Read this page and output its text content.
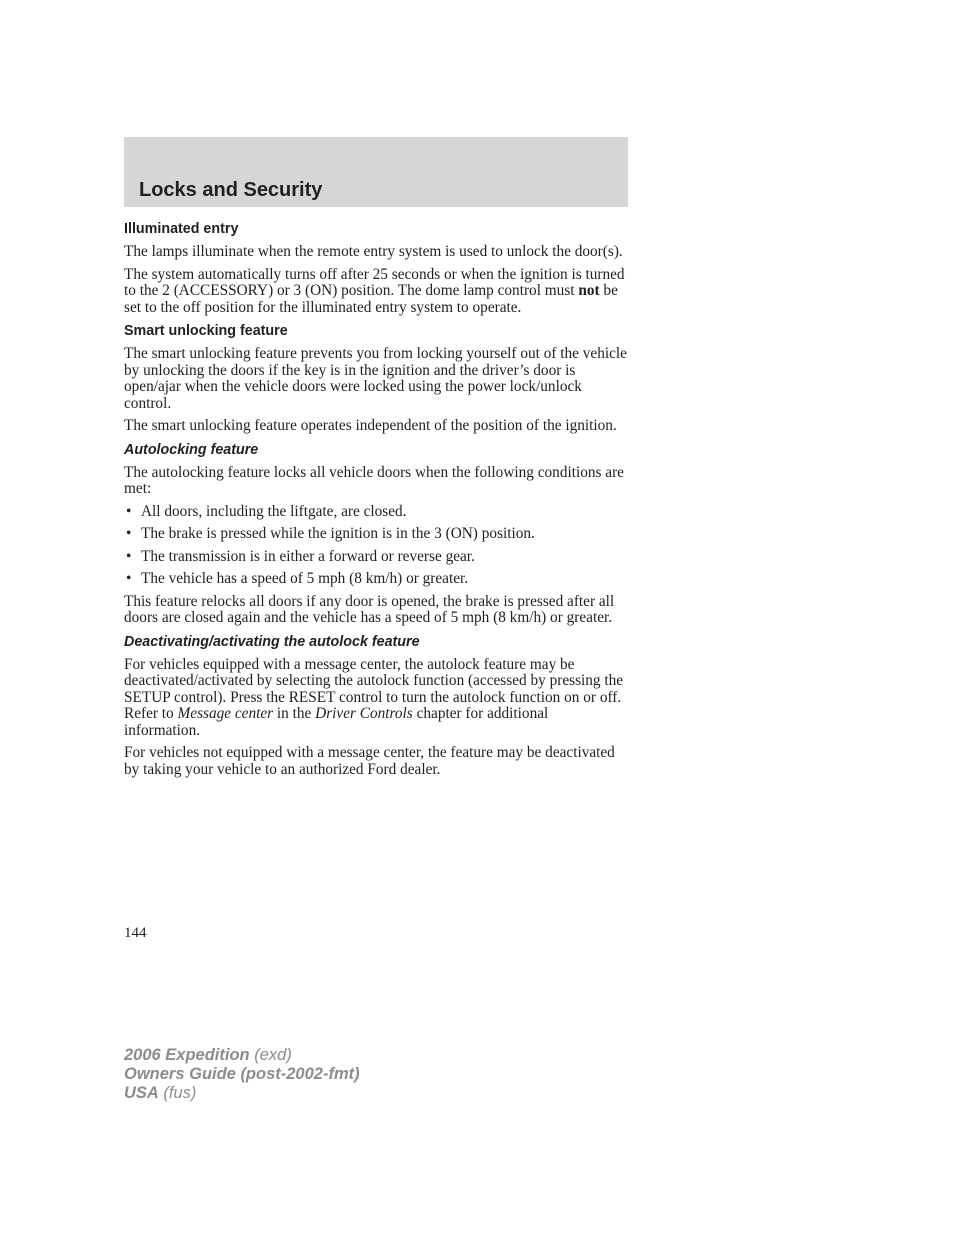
Locks and Security
Illuminated entry

The lamps illuminate when the remote entry system is used to unlock the door(s).

The system automatically turns off after 25 seconds or when the ignition is turned to the 2 (ACCESSORY) or 3 (ON) position. The dome lamp control must not be set to the off position for the illuminated entry system to operate.

Smart unlocking feature

The smart unlocking feature prevents you from locking yourself out of the vehicle by unlocking the doors if the key is in the ignition and the driver’s door is open/ajar when the vehicle doors were locked using the power lock/unlock control.

The smart unlocking feature operates independent of the position of the ignition.

Autolocking feature

The autolocking feature locks all vehicle doors when the following conditions are met:

• All doors, including the liftgate, are closed.
• The brake is pressed while the ignition is in the 3 (ON) position.
• The transmission is in either a forward or reverse gear.
• The vehicle has a speed of 5 mph (8 km/h) or greater.

This feature relocks all doors if any door is opened, the brake is pressed after all doors are closed again and the vehicle has a speed of 5 mph (8 km/h) or greater.

Deactivating/activating the autolock feature

For vehicles equipped with a message center, the autolock feature may be deactivated/activated by selecting the autolock function (accessed by pressing the SETUP control). Press the RESET control to turn the autolock function on or off. Refer to Message center in the Driver Controls chapter for additional information.

For vehicles not equipped with a message center, the feature may be deactivated by taking your vehicle to an authorized Ford dealer.

144
2006 Expedition (exd)
Owners Guide (post-2002-fmt)
USA (fus)
